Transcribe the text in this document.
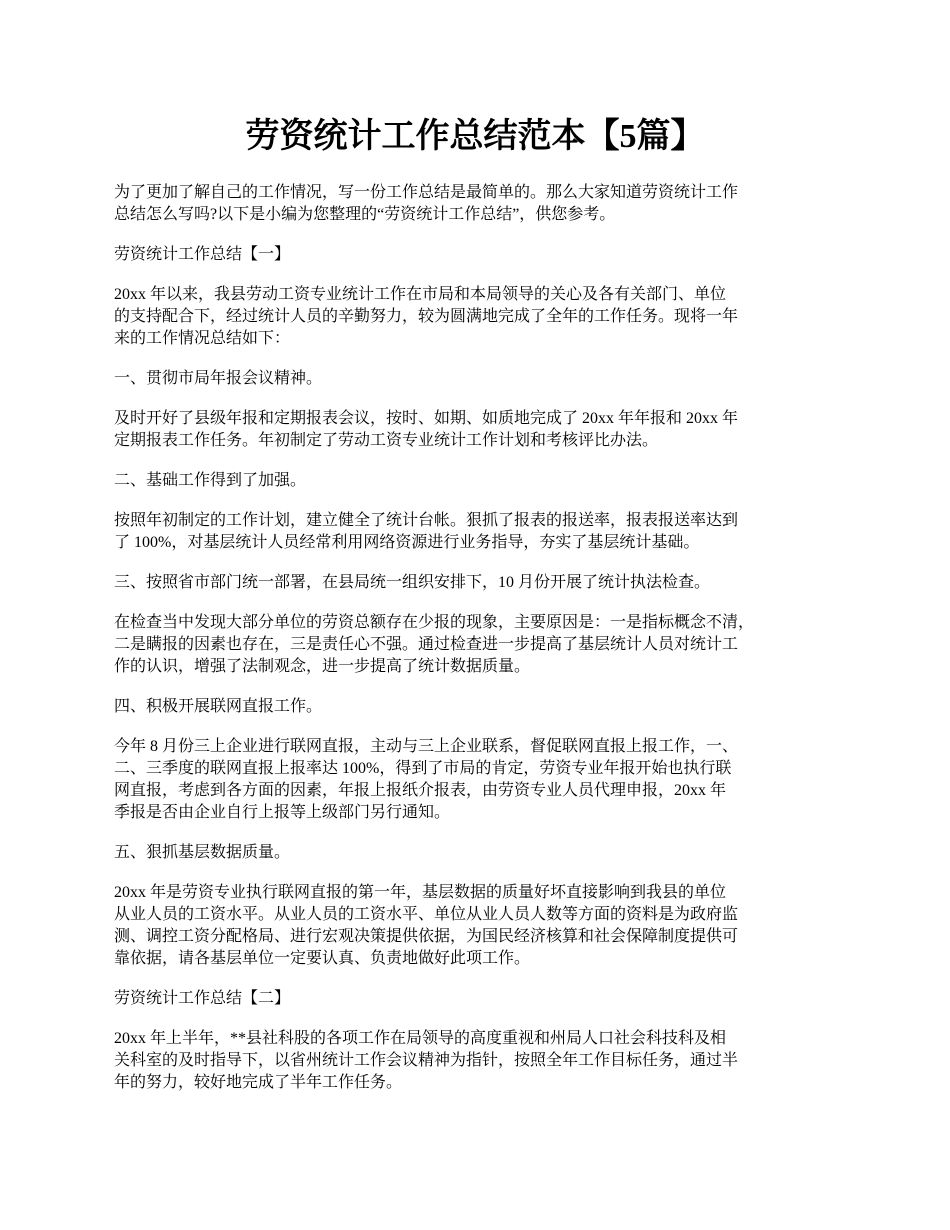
劳资统计工作总结范本【5篇】

为了更加了解自己的工作情况，写一份工作总结是最简单的。那么大家知道劳资统计工作
总结怎么写吗?以下是小编为您整理的“劳资统计工作总结”，供您参考。

劳资统计工作总结【一】

20xx 年以来，我县劳动工资专业统计工作在市局和本局领导的关心及各有关部门、单位
的支持配合下，经过统计人员的辛勤努力，较为圆满地完成了全年的工作任务。现将一年
来的工作情况总结如下：

一、贯彻市局年报会议精神。

及时开好了县级年报和定期报表会议，按时、如期、如质地完成了 20xx 年年报和 20xx 年
定期报表工作任务。年初制定了劳动工资专业统计工作计划和考核评比办法。

二、基础工作得到了加强。

按照年初制定的工作计划，建立健全了统计台帐。狠抓了报表的报送率，报表报送率达到
了 100%，对基层统计人员经常利用网络资源进行业务指导，夯实了基层统计基础。

三、按照省市部门统一部署，在县局统一组织安排下，10 月份开展了统计执法检查。

在检查当中发现大部分单位的劳资总额存在少报的现象，主要原因是：一是指标概念不清，
二是瞒报的因素也存在，三是责任心不强。通过检查进一步提高了基层统计人员对统计工
作的认识，增强了法制观念，进一步提高了统计数据质量。

四、积极开展联网直报工作。

今年 8 月份三上企业进行联网直报，主动与三上企业联系，督促联网直报上报工作，一、
二、三季度的联网直报上报率达 100%，得到了市局的肯定，劳资专业年报开始也执行联
网直报，考虑到各方面的因素，年报上报纸介报表，由劳资专业人员代理申报，20xx 年
季报是否由企业自行上报等上级部门另行通知。

五、狠抓基层数据质量。

20xx 年是劳资专业执行联网直报的第一年，基层数据的质量好坏直接影响到我县的单位
从业人员的工资水平。从业人员的工资水平、单位从业人员人数等方面的资料是为政府监
测、调控工资分配格局、进行宏观决策提供依据，为国民经济核算和社会保障制度提供可
靠依据，请各基层单位一定要认真、负责地做好此项工作。

劳资统计工作总结【二】

20xx 年上半年，**县社科股的各项工作在局领导的高度重视和州局人口社会科技科及相
关科室的及时指导下，以省州统计工作会议精神为指针，按照全年工作目标任务，通过半
年的努力，较好地完成了半年工作任务。
